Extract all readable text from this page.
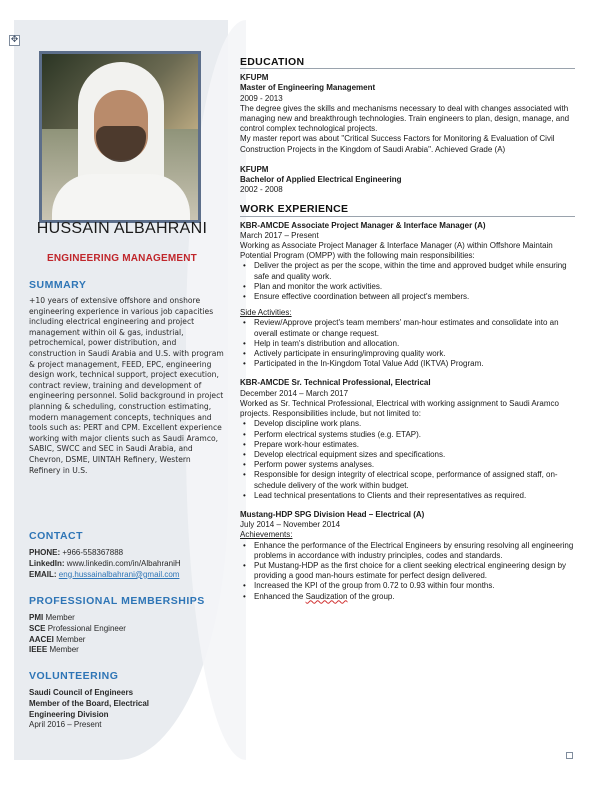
✥
HUSSAIN ALBAHRANI
ENGINEERING MANAGEMENT
SUMMARY
+10 years of extensive offshore and onshore engineering experience in various job capacities including electrical engineering and project management within oil & gas, industrial, petrochemical, power distribution, and construction in Saudi Arabia and U.S. with program & project management, FEED, EPC, engineering design work, technical support, project execution, contract review, training and development of engineering personnel. Solid background in project planning & scheduling, construction estimating, modern management concepts, techniques and tools such as: PERT and CPM. Excellent experience working with major clients such as Saudi Aramco, SABIC, SWCC and SEC in Saudi Arabia, and Chevron, DSME, UINTAH Refinery, Western Refinery in U.S.
CONTACT
PHONE: +966-558367888
LinkedIn: www.linkedin.com/in/AlbahraniH
EMAIL: eng.hussainalbahrani@gmail.com
PROFESSIONAL MEMBERSHIPS
PMI Member
SCE Professional Engineer
AACEI Member
IEEE Member
VOLUNTEERING
Saudi Council of Engineers
Member of the Board, Electrical Engineering Division
April 2016 – Present
EDUCATION
KFUPM
Master of Engineering Management
2009 - 2013
The degree gives the skills and mechanisms necessary to deal with changes associated with managing new and breakthrough technologies. Train engineers to plan, design, manage, and control complex technological projects.
My master report was about "Critical Success Factors for Monitoring & Evaluation of Civil Construction Projects in the Kingdom of Saudi Arabia". Achieved Grade (A)
KFUPM
Bachelor of Applied Electrical Engineering
2002 - 2008
WORK EXPERIENCE
KBR-AMCDE Associate Project Manager & Interface Manager (A)
March 2017 – Present
Working as Associate Project Manager & Interface Manager (A) within Offshore Maintain Potential Program (OMPP) with the following main responsibilities:
• Deliver the project as per the scope, within the time and approved budget while ensuring safe and quality work.
• Plan and monitor the work activities.
• Ensure effective coordination between all project's members.
Side Activities:
• Review/Approve project's team members' man-hour estimates and consolidate into an overall estimate or change request.
• Help in team's distribution and allocation.
• Actively participate in ensuring/improving quality work.
• Participated in the In-Kingdom Total Value Add (IKTVA) Program.
KBR-AMCDE Sr. Technical Professional, Electrical
December 2014 – March 2017
Worked as Sr. Technical Professional, Electrical with working assignment to Saudi Aramco projects. Responsibilities include, but not limited to:
• Develop discipline work plans.
• Perform electrical systems studies (e.g. ETAP).
• Prepare work-hour estimates.
• Develop electrical equipment sizes and specifications.
• Perform power systems analyses.
• Responsible for design integrity of electrical scope, performance of assigned staff, on-schedule delivery of the work within budget.
• Lead technical presentations to Clients and their representatives as required.
Mustang-HDP SPG Division Head – Electrical (A)
July 2014 – November 2014
Achievements:
• Enhance the performance of the Electrical Engineers by ensuring resolving all engineering problems in accordance with industry principles, codes and standards.
• Put Mustang-HDP as the first choice for a client seeking electrical engineering design by providing a good man-hours estimate for perfect design delivered.
• Increased the KPI of the group from 0.72 to 0.93 within four months.
• Enhanced the Saudization of the group.
